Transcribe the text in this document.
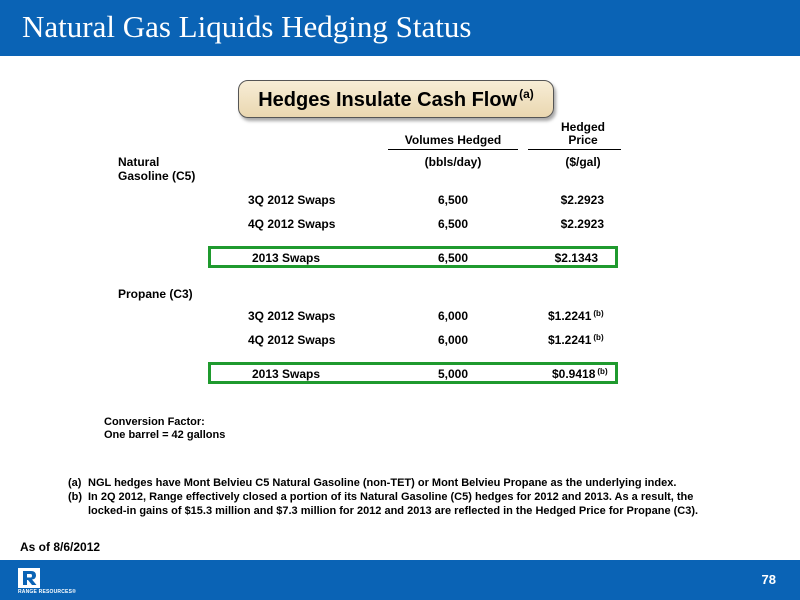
Natural Gas Liquids Hedging Status
Hedges Insulate Cash Flow $^{(a)}$
Volumes Hedged
Hedged
Price
(bbls/day)	($/gal)
Natural
Gasoline (C5)
3Q 2012 Swaps	6,500	$2.2923
4Q 2012 Swaps	6,500	$2.2923
2013 Swaps	6,500	$2.1343
Propane (C3)
3Q 2012 Swaps	6,000	$1.2241 $^{(b)}$
4Q 2012 Swaps	6,000	$1.2241 $^{(b)}$
2013 Swaps	5,000	$0.9418 $^{(b)}$
Conversion Factor:
One barrel = 42 gallons
(a) NGL hedges have Mont Belvieu C5 Natural Gasoline (non-TET) or Mont Belvieu Propane as the underlying index.
(b) In 2Q 2012, Range effectively closed a portion of its Natural Gasoline (C5) hedges for 2012 and 2013. As a result, the
locked-in gains of $15.3 million and $7.3 million for 2012 and 2013 are reflected in the Hedged Price for Propane (C3).
As of 8/6/2012
RANGE RESOURCES®
78
